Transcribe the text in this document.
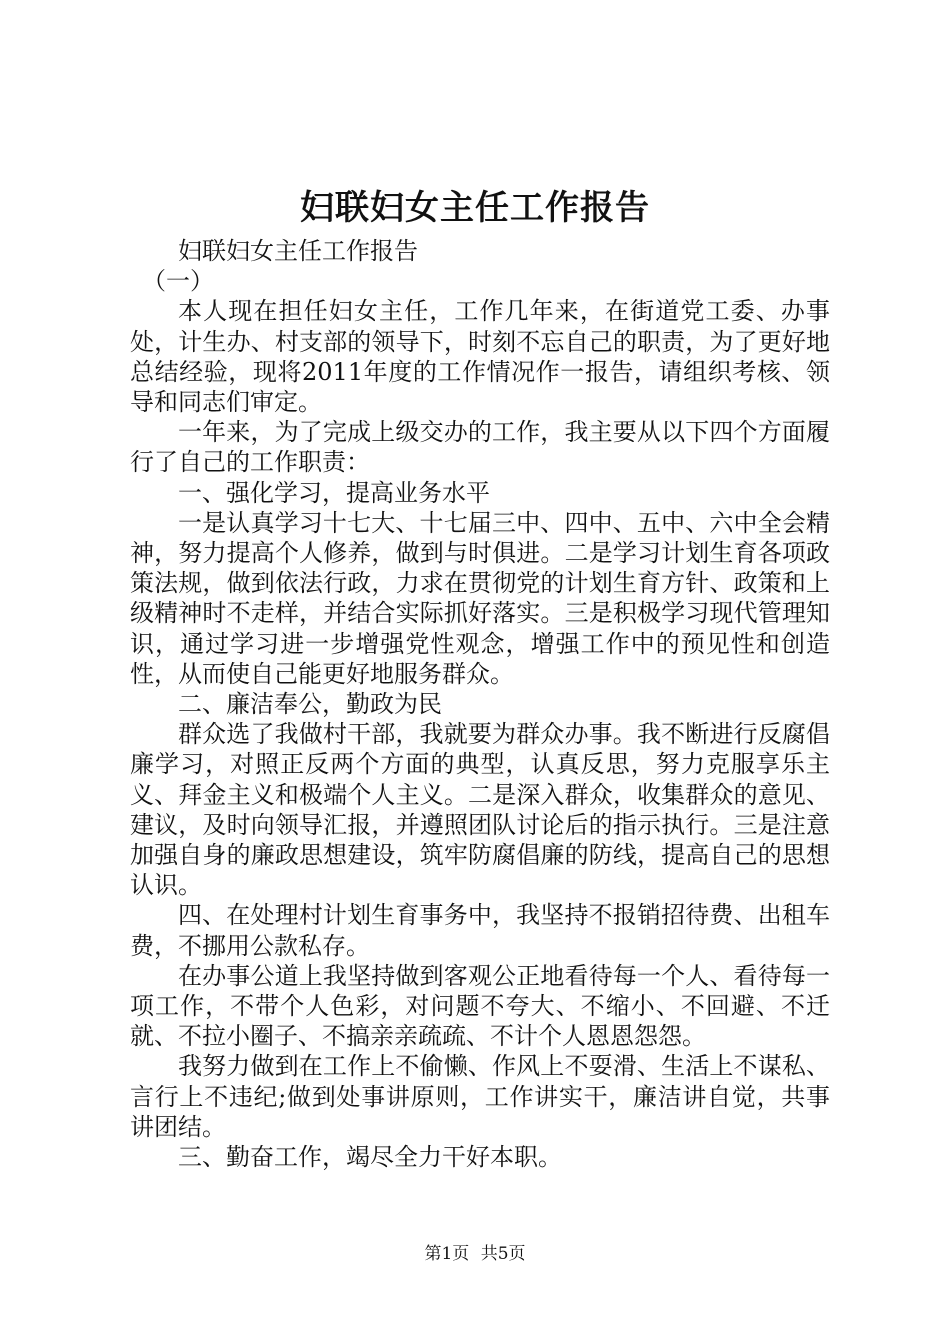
妇联妇女主任工作报告

妇联妇女主任工作报告

（一）

本人现在担任妇女主任，工作几年来，在街道党工委、办事处，计生办、村支部的领导下，时刻不忘自己的职责，为了更好地总结经验，现将2011年度的工作情况作一报告，请组织考核、领导和同志们审定。

一年来，为了完成上级交办的工作，我主要从以下四个方面履行了自己的工作职责：

一、强化学习，提高业务水平

一是认真学习十七大、十七届三中、四中、五中、六中全会精神，努力提高个人修养，做到与时俱进。二是学习计划生育各项政策法规，做到依法行政，力求在贯彻党的计划生育方针、政策和上级精神时不走样，并结合实际抓好落实。三是积极学习现代管理知识，通过学习进一步增强党性观念，增强工作中的预见性和创造性，从而使自己能更好地服务群众。

二、廉洁奉公，勤政为民

群众选了我做村干部，我就要为群众办事。我不断进行反腐倡廉学习，对照正反两个方面的典型，认真反思，努力克服享乐主义、拜金主义和极端个人主义。二是深入群众，收集群众的意见、建议，及时向领导汇报，并遵照团队讨论后的指示执行。三是注意加强自身的廉政思想建设，筑牢防腐倡廉的防线，提高自己的思想认识。

四、在处理村计划生育事务中，我坚持不报销招待费、出租车费，不挪用公款私存。

在办事公道上我坚持做到客观公正地看待每一个人、看待每一项工作，不带个人色彩，对问题不夸大、不缩小、不回避、不迁就、不拉小圈子、不搞亲亲疏疏、不计个人恩恩怨怨。

我努力做到在工作上不偷懒、作风上不耍滑、生活上不谋私、言行上不违纪;做到处事讲原则，工作讲实干，廉洁讲自觉，共事讲团结。

三、勤奋工作，竭尽全力干好本职。

第1页 共5页
